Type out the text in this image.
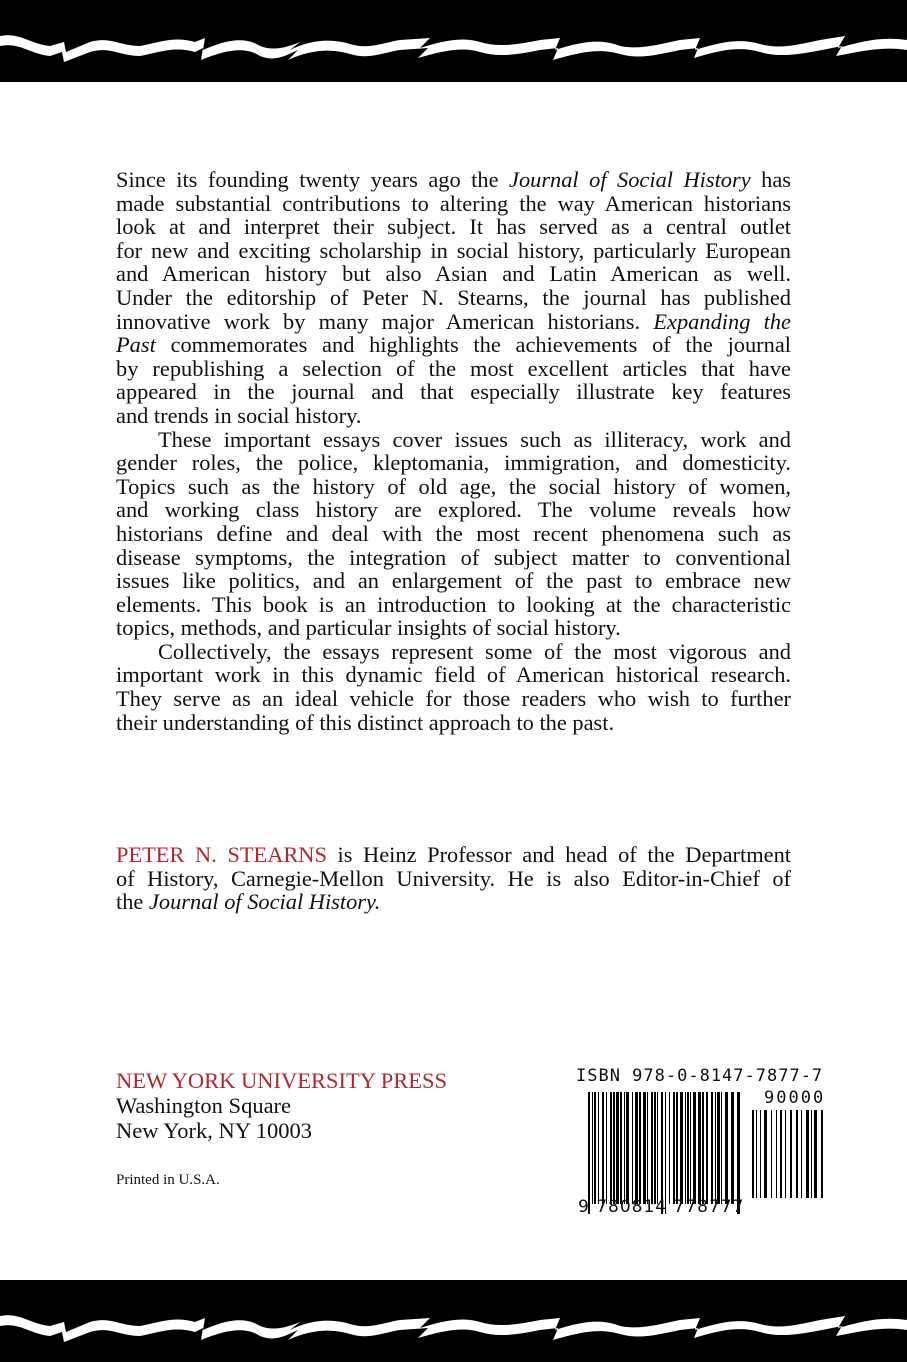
Since its founding twenty years ago the Journal of Social History has
made substantial contributions to altering the way American historians
look at and interpret their subject. It has served as a central outlet
for new and exciting scholarship in social history, particularly European
and American history but also Asian and Latin American as well.
Under the editorship of Peter N. Stearns, the journal has published
innovative work by many major American historians. Expanding the
Past commemorates and highlights the achievements of the journal
by republishing a selection of the most excellent articles that have
appeared in the journal and that especially illustrate key features
and trends in social history.
These important essays cover issues such as illiteracy, work and
gender roles, the police, kleptomania, immigration, and domesticity.
Topics such as the history of old age, the social history of women,
and working class history are explored. The volume reveals how
historians define and deal with the most recent phenomena such as
disease symptoms, the integration of subject matter to conventional
issues like politics, and an enlargement of the past to embrace new
elements. This book is an introduction to looking at the characteristic
topics, methods, and particular insights of social history.
Collectively, the essays represent some of the most vigorous and
important work in this dynamic field of American historical research.
They serve as an ideal vehicle for those readers who wish to further
their understanding of this distinct approach to the past.
PETER N. STEARNS is Heinz Professor and head of the Department
of History, Carnegie-Mellon University. He is also Editor-in-Chief of
the Journal of Social History.
NEW YORK UNIVERSITY PRESS
Washington Square
New York, NY 10003
Printed in U.S.A.
ISBN 978-0-8147-7877-7
90000
9 780814 778777
